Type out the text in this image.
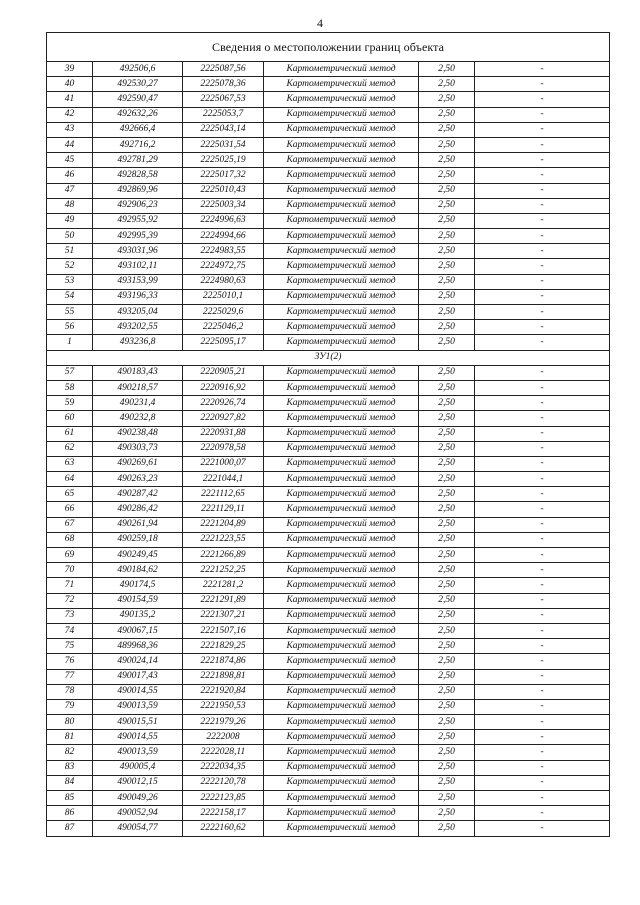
4
Сведения о местоположении границ объекта					
39	492506,6	2225087,56	Картометрический метод	2,50	-
40	492530,27	2225078,36	Картометрический метод	2,50	-
41	492590,47	2225067,53	Картометрический метод	2,50	-
42	492632,26	2225053,7	Картометрический метод	2,50	-
43	492666,4	2225043,14	Картометрический метод	2,50	-
44	492716,2	2225031,54	Картометрический метод	2,50	-
45	492781,29	2225025,19	Картометрический метод	2,50	-
46	492828,58	2225017,32	Картометрический метод	2,50	-
47	492869,96	2225010,43	Картометрический метод	2,50	-
48	492906,23	2225003,34	Картометрический метод	2,50	-
49	492955,92	2224996,63	Картометрический метод	2,50	-
50	492995,39	2224994,66	Картометрический метод	2,50	-
51	493031,96	2224983,55	Картометрический метод	2,50	-
52	493102,11	2224972,75	Картометрический метод	2,50	-
53	493153,99	2224980,63	Картометрический метод	2,50	-
54	493196,33	2225010,1	Картометрический метод	2,50	-
55	493205,04	2225029,6	Картометрический метод	2,50	-
56	493202,55	2225046,2	Картометрический метод	2,50	-
1	493236,8	2225095,17	Картометрический метод	2,50	-
ЗУ1(2)					
57	490183,43	2220905,21	Картометрический метод	2,50	-
58	490218,57	2220916,92	Картометрический метод	2,50	-
59	490231,4	2220926,74	Картометрический метод	2,50	-
60	490232,8	2220927,82	Картометрический метод	2,50	-
61	490238,48	2220931,88	Картометрический метод	2,50	-
62	490303,73	2220978,58	Картометрический метод	2,50	-
63	490269,61	2221000,07	Картометрический метод	2,50	-
64	490263,23	2221044,1	Картометрический метод	2,50	-
65	490287,42	2221112,65	Картометрический метод	2,50	-
66	490286,42	2221129,11	Картометрический метод	2,50	-
67	490261,94	2221204,89	Картометрический метод	2,50	-
68	490259,18	2221223,55	Картометрический метод	2,50	-
69	490249,45	2221266,89	Картометрический метод	2,50	-
70	490184,62	2221252,25	Картометрический метод	2,50	-
71	490174,5	2221281,2	Картометрический метод	2,50	-
72	490154,59	2221291,89	Картометрический метод	2,50	-
73	490135,2	2221307,21	Картометрический метод	2,50	-
74	490067,15	2221507,16	Картометрический метод	2,50	-
75	489968,36	2221829,25	Картометрический метод	2,50	-
76	490024,14	2221874,86	Картометрический метод	2,50	-
77	490017,43	2221898,81	Картометрический метод	2,50	-
78	490014,55	2221920,84	Картометрический метод	2,50	-
79	490013,59	2221950,53	Картометрический метод	2,50	-
80	490015,51	2221979,26	Картометрический метод	2,50	-
81	490014,55	2222008	Картометрический метод	2,50	-
82	490013,59	2222028,11	Картометрический метод	2,50	-
83	490005,4	2222034,35	Картометрический метод	2,50	-
84	490012,15	2222120,78	Картометрический метод	2,50	-
85	490049,26	2222123,85	Картометрический метод	2,50	-
86	490052,94	2222158,17	Картометрический метод	2,50	-
87	490054,77	2222160,62	Картометрический метод	2,50	-
